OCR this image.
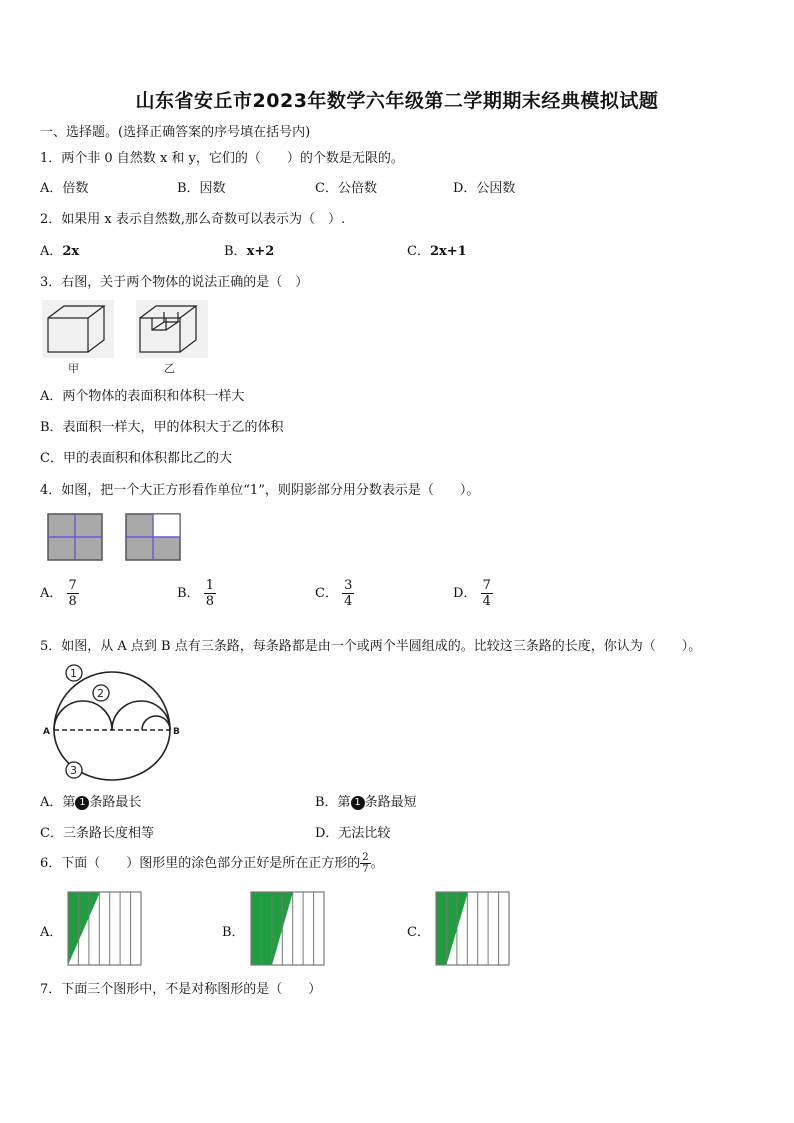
山东省安丘市2023年数学六年级第二学期期末经典模拟试题
一、选择题。(选择正确答案的序号填在括号内)
1．两个非 0 自然数 x 和 y，它们的（　　）的个数是无限的。
A．倍数	B．因数	C．公倍数	D．公因数
2．如果用 x 表示自然数,那么奇数可以表示为（　）.
A．2x	B．x+2	C．2x+1
3．右图，关于两个物体的说法正确的是（　）
甲	乙
A．两个物体的表面积和体积一样大
B．表面积一样大，甲的体积大于乙的体积
C．甲的表面积和体积都比乙的大
4．如图，把一个大正方形看作单位“1”，则阴影部分用分数表示是（　　）。
A． $\frac{7}{8}$	B． $\frac{1}{8}$	C． $\frac{3}{4}$	D． $\frac{7}{4}$
5．如图，从 A 点到 B 点有三条路，每条路都是由一个或两个半圆组成的。比较这三条路的长度，你认为（　　）。
1
2
3
A	B
A．第 1 条路最长	B．第 1 条路最短
C．三条路长度相等	D．无法比较
6．下面（　　）图形里的涂色部分正好是所在正方形的 $\frac{2}{7}$ 。
A．	B．	C．
7．下面三个图形中，不是对称图形的是（　　）
